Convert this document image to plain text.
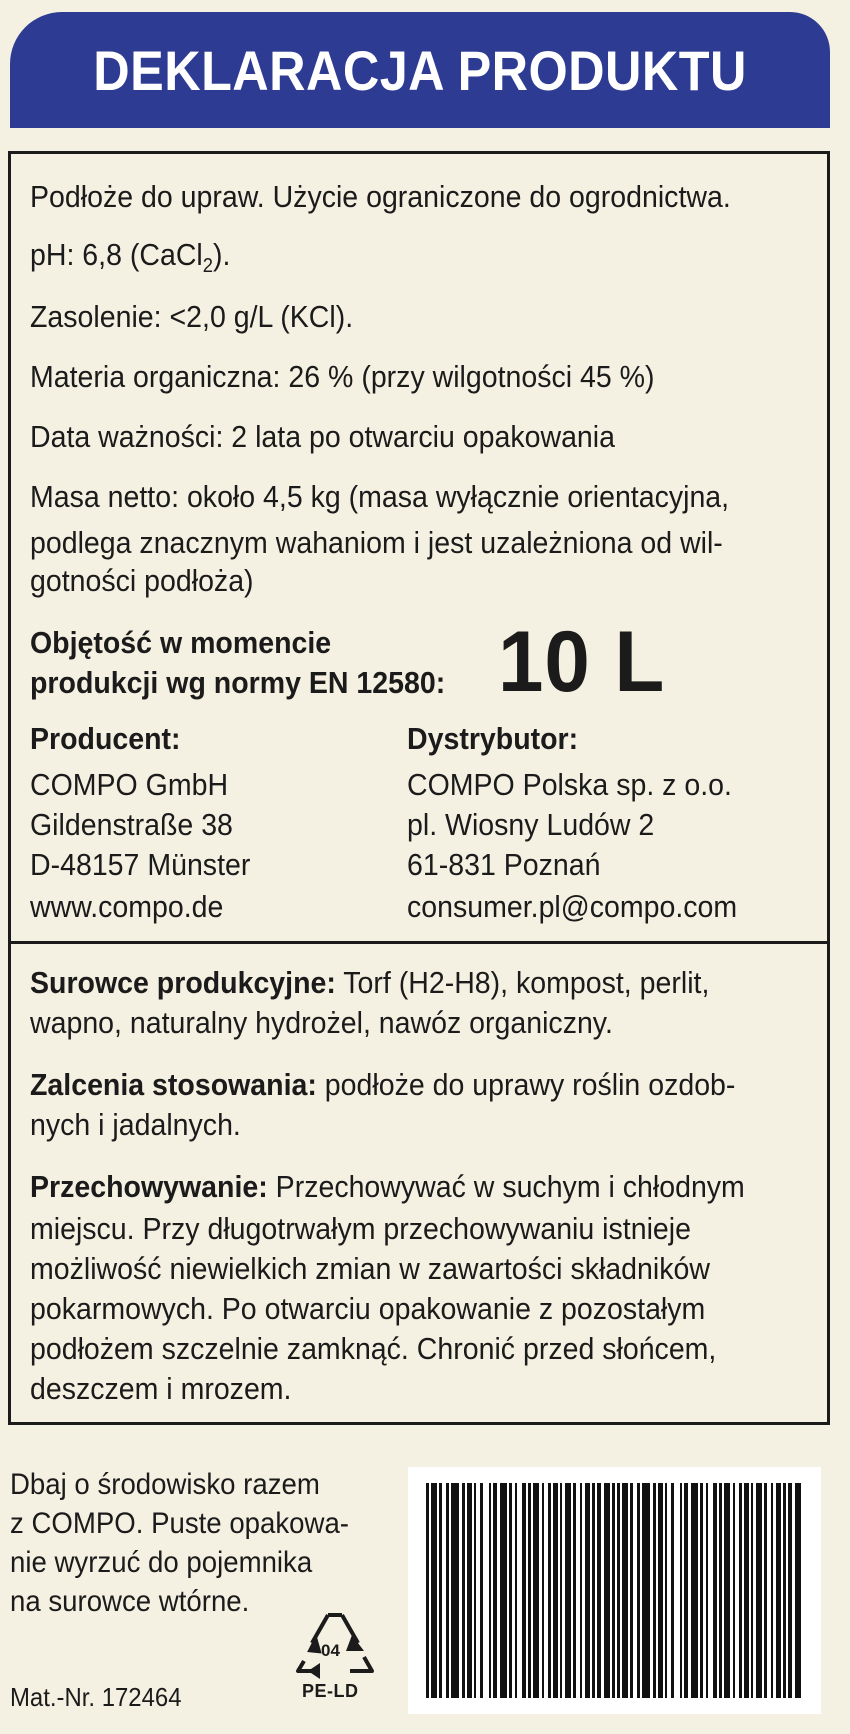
DEKLARACJA PRODUKTU

Podłoże do upraw. Użycie ograniczone do ogrodnictwa.

pH: 6,8 (CaCl$_2$).

Zasolenie: <2,0 g/L (KCl).

Materia organiczna: 26 % (przy wilgotności 45 %)

Data ważności: 2 lata po otwarciu opakowania

Masa netto: około 4,5 kg (masa wyłącznie orientacyjna,

podlega znacznym wahaniom i jest uzależniona od wil-

gotności podłoża)

Objętość w momencie

produkcji wg normy EN 12580: 10 L

Producent:

COMPO GmbH

Gildenstraße 38

D-48157 Münster

www.compo.de

Dystrybutor:

COMPO Polska sp. z o.o.

pl. Wiosny Ludów 2

61-831 Poznań

consumer.pl@compo.com

Surowce produkcyjne: Torf (H2-H8), kompost, perlit,

wapno, naturalny hydrożel, nawóz organiczny.

Zalcenia stosowania: podłoże do uprawy roślin ozdob-

nych i jadalnych.

Przechowywanie: Przechowywać w suchym i chłodnym

miejscu. Przy długotrwałym przechowywaniu istnieje

możliwość niewielkich zmian w zawartości składników

pokarmowych. Po otwarciu opakowanie z pozostałym

podłożem szczelnie zamknąć. Chronić przed słońcem,

deszczem i mrozem.

Dbaj o środowisko razem

z COMPO. Puste opakowa-

nie wyrzuć do pojemnika

na surowce wtórne.

04
PE-LD

Mat.-Nr. 172464
